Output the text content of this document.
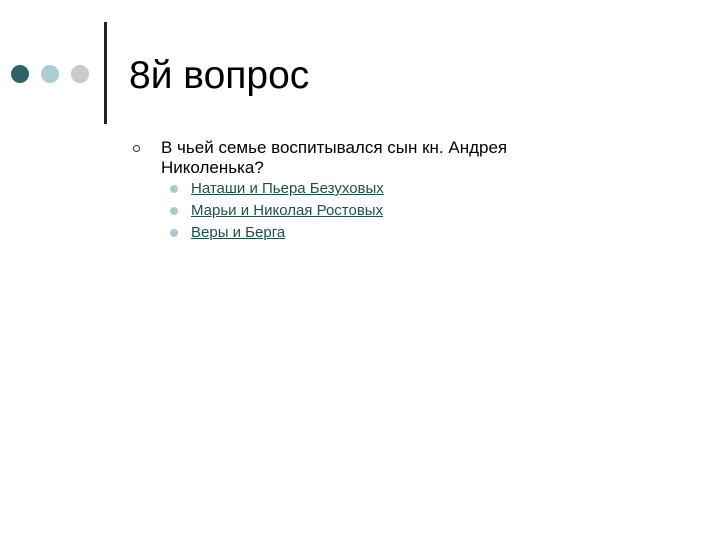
8й вопрос
В чьей семье воспитывался сын кн. Андрея Николенька?
Наташи и Пьера Безуховых
Марьи и Николая Ростовых
Веры и Берга
